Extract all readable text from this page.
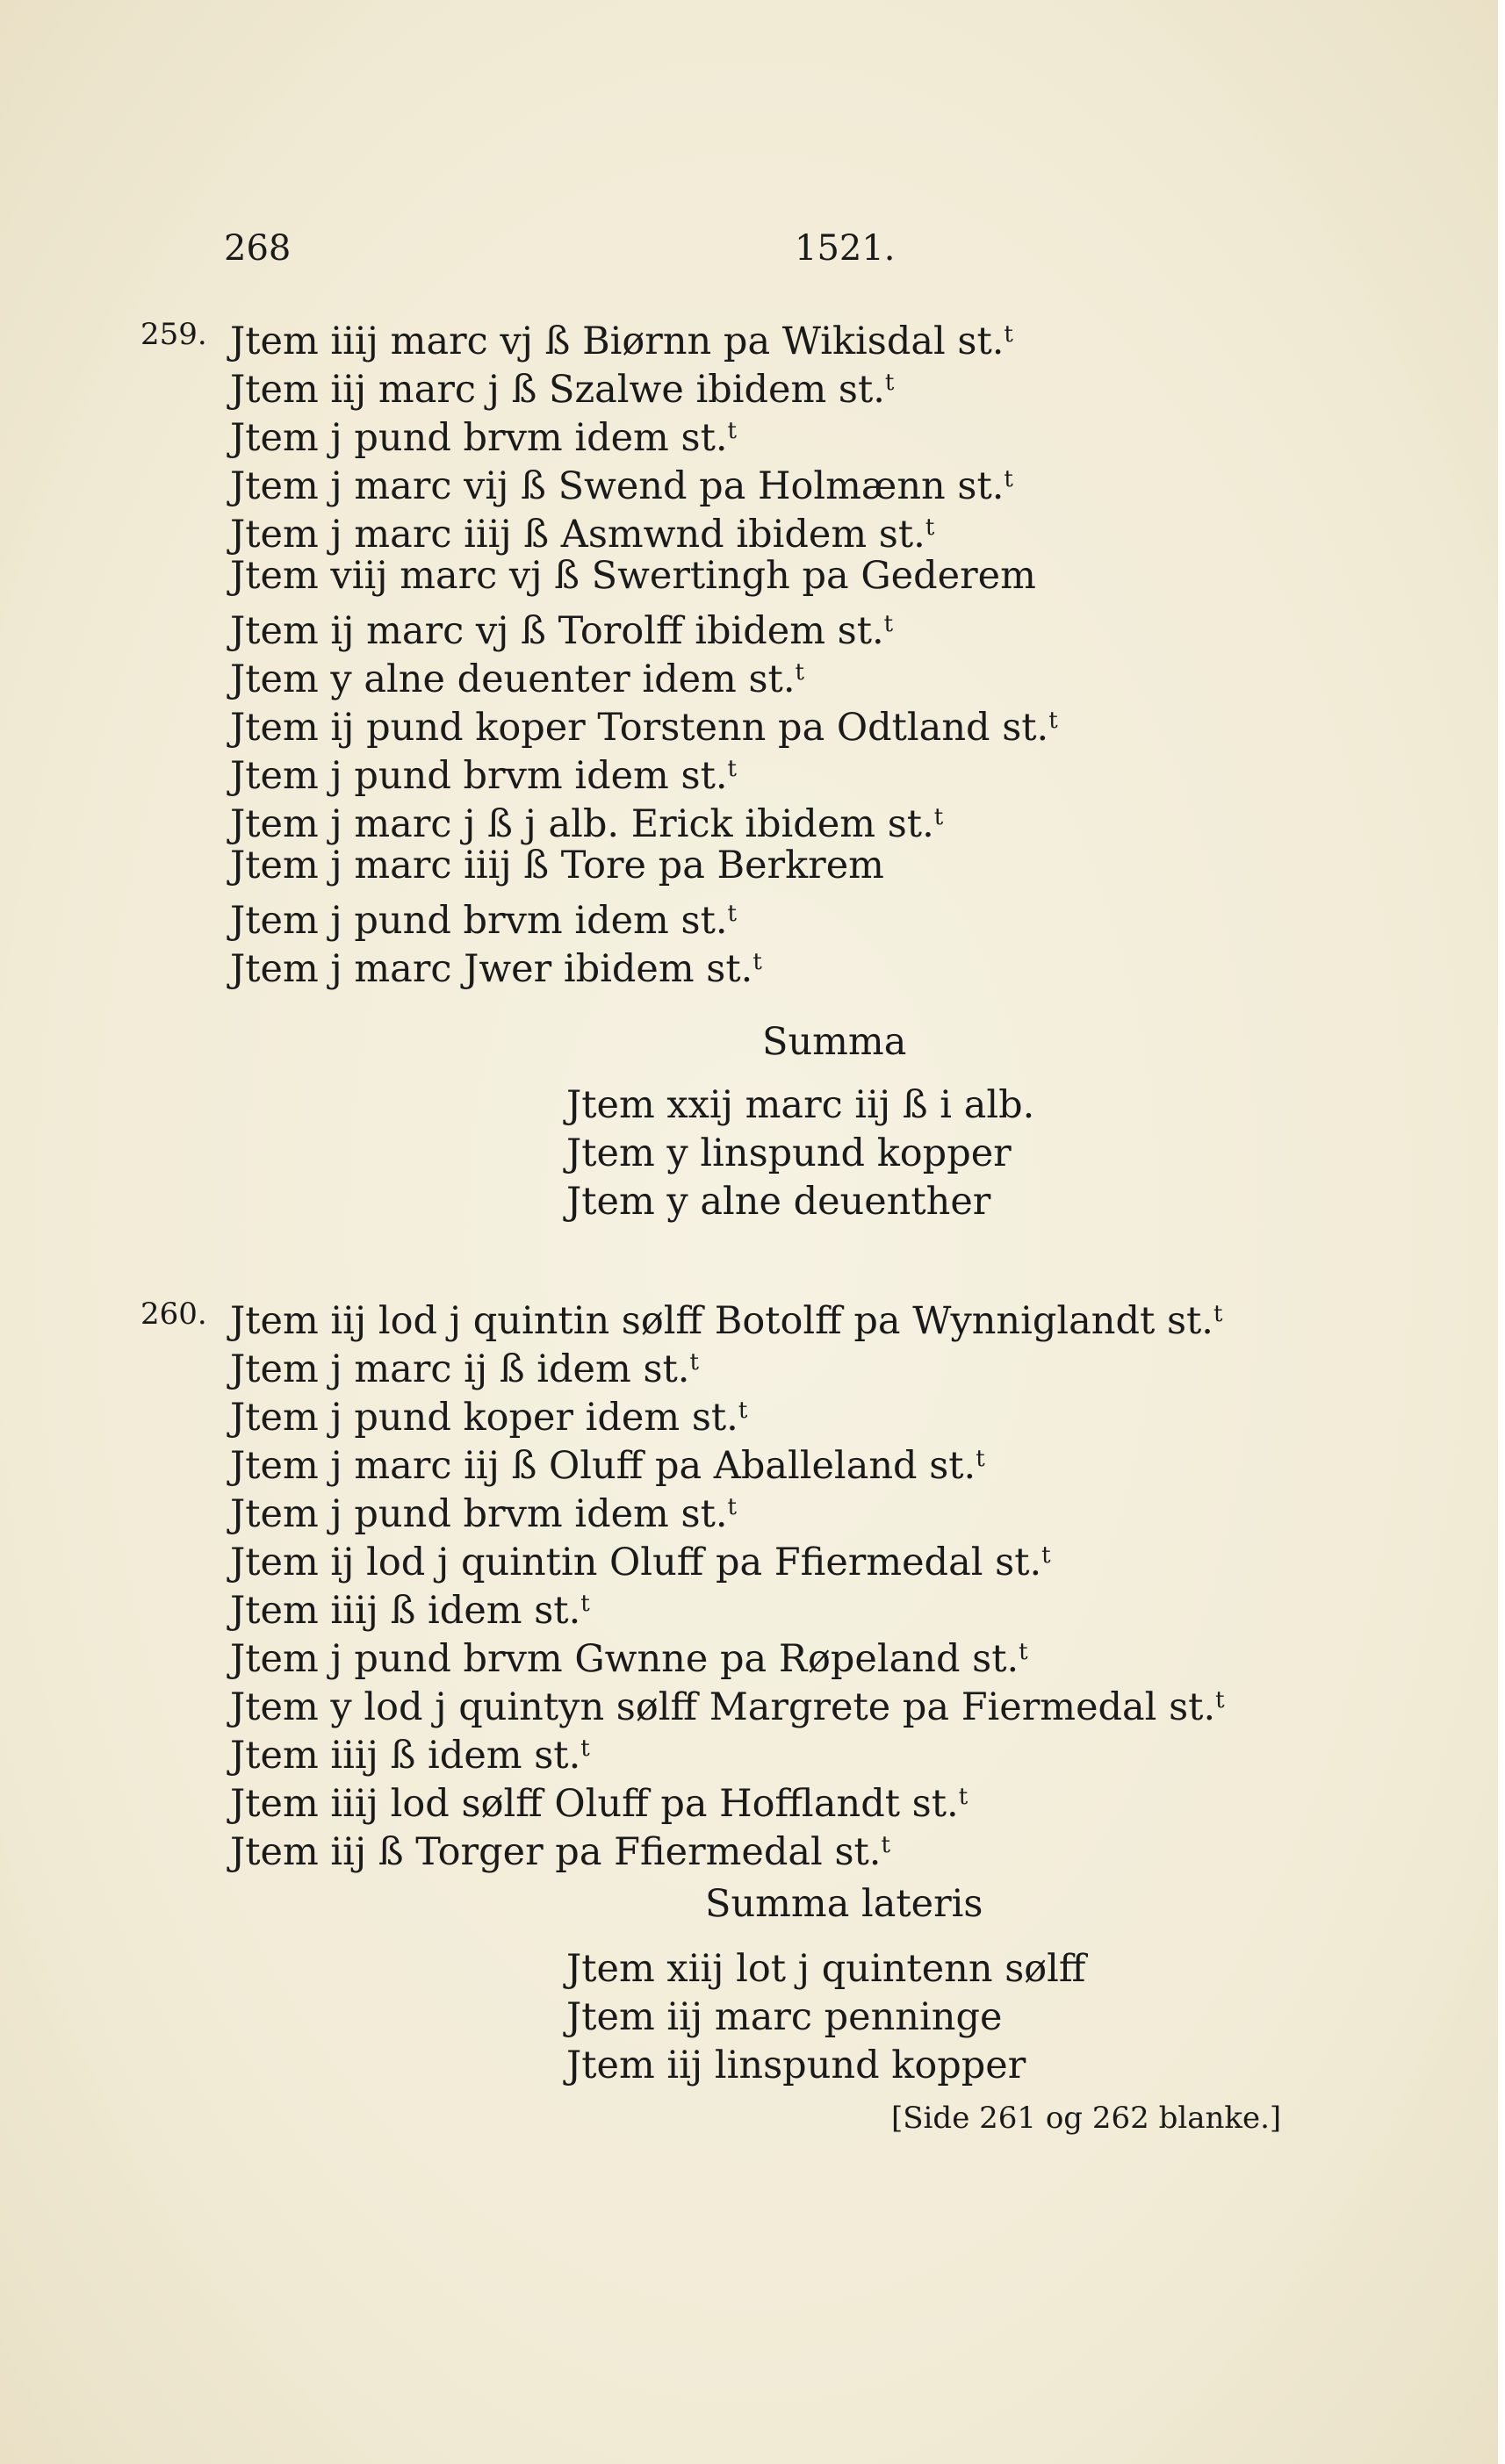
268	1521.
259. Jtem iiij marc vj ß Biørnn pa Wikisdal st.$^t$
Jtem iij marc j ß Szalwe ibidem st.$^t$
Jtem j pund brvm idem st.$^t$
Jtem j marc vij ß Swend pa Holmænn st.$^t$
Jtem j marc iiij ß Asmwnd ibidem st.$^t$
Jtem viij marc vj ß Swertingh pa Gederem
Jtem ij marc vj ß Torolff ibidem st.$^t$
Jtem y alne deuenter idem st.$^t$
Jtem ij pund koper Torstenn pa Odtland st.$^t$
Jtem j pund brvm idem st.$^t$
Jtem j marc j ß j alb. Erick ibidem st.$^t$
Jtem j marc iiij ß Tore pa Berkrem
Jtem j pund brvm idem st.$^t$
Jtem j marc Jwer ibidem st.$^t$
Summa
Jtem xxij marc iij ß i alb.
Jtem y linspund kopper
Jtem y alne deuenther
260. Jtem iij lod j quintin sølff Botolff pa Wynniglandt st.$^t$
Jtem j marc ij ß idem st.$^t$
Jtem j pund koper idem st.$^t$
Jtem j marc iij ß Oluff pa Aballeland st.$^t$
Jtem j pund brvm idem st.$^t$
Jtem ij lod j quintin Oluff pa Ffiermedal st.$^t$
Jtem iiij ß idem st.$^t$
Jtem j pund brvm Gwnne pa Røpeland st.$^t$
Jtem y lod j quintyn sølff Margrete pa Fiermedal st.$^t$
Jtem iiij ß idem st.$^t$
Jtem iiij lod sølff Oluff pa Hofflandt st.$^t$
Jtem iij ß Torger pa Ffiermedal st.$^t$
Summa lateris
Jtem xiij lot j quintenn sølff
Jtem iij marc penninge
Jtem iij linspund kopper
[Side 261 og 262 blanke.]
